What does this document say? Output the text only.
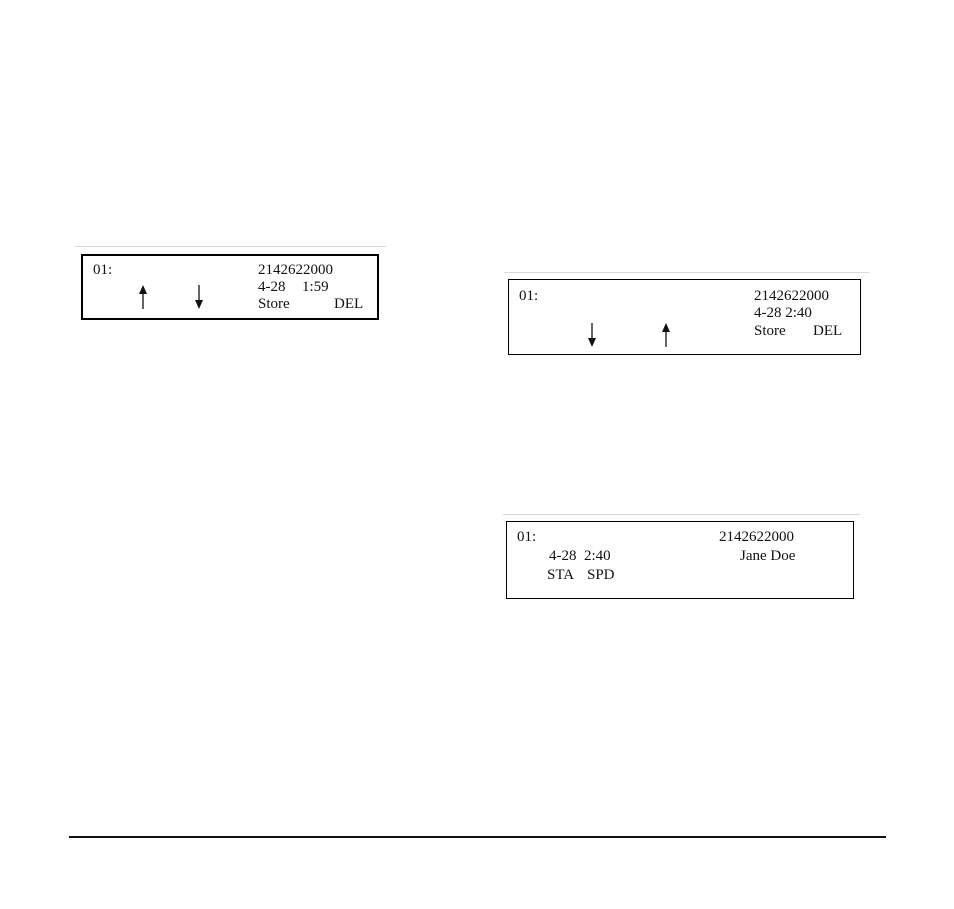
01:	2142622000
4-28 1:59
Store	DEL	01:	2142622000
4-28 2:40
Store DEL
01:	2142622000
4-28  2:40	Jane Doe
STA SPD
